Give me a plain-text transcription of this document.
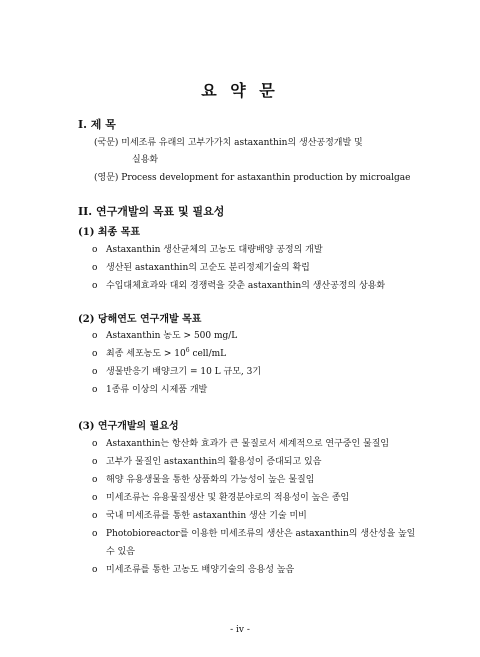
요 약 문
I. 제 목
(국문) 미세조류 유래의 고부가가치 astaxanthin의 생산공정개발 및
실용화
(영문) Process development for astaxanthin production by microalgae
II. 연구개발의 목표 및 필요성
(1) 최종 목표
o Astaxanthin 생산균체의 고농도 대량배양 공정의 개발
o 생산된 astaxanthin의 고순도 분리정제기술의 확립
o 수입대체효과와 대외 경쟁력을 갖춘 astaxanthin의 생산공정의 상용화
(2) 당해연도 연구개발 목표
o Astaxanthin 농도 > 500 mg/L
o 최종 세포농도 > $10^6$ cell/mL
o 생물반응기 배양크기 = 10 L 규모, 3기
o 1종류 이상의 시제품 개발
(3) 연구개발의 필요성
o Astaxanthin는 항산화 효과가 큰 물질로서 세계적으로 연구중인 물질임
o 고부가 물질인 astaxanthin의 활용성이 증대되고 있음
o 해양 유용생물을 통한 상품화의 가능성이 높은 물질임
o 미세조류는 유용물질생산 및 환경분야로의 적용성이 높은 종임
o 국내 미세조류를 통한 astaxanthin 생산 기술 미비
o Photobioreactor를 이용한 미세조류의 생산은 astaxanthin의 생산성을 높일
수 있음
o 미세조류를 통한 고농도 배양기술의 응용성 높음
- iv -
